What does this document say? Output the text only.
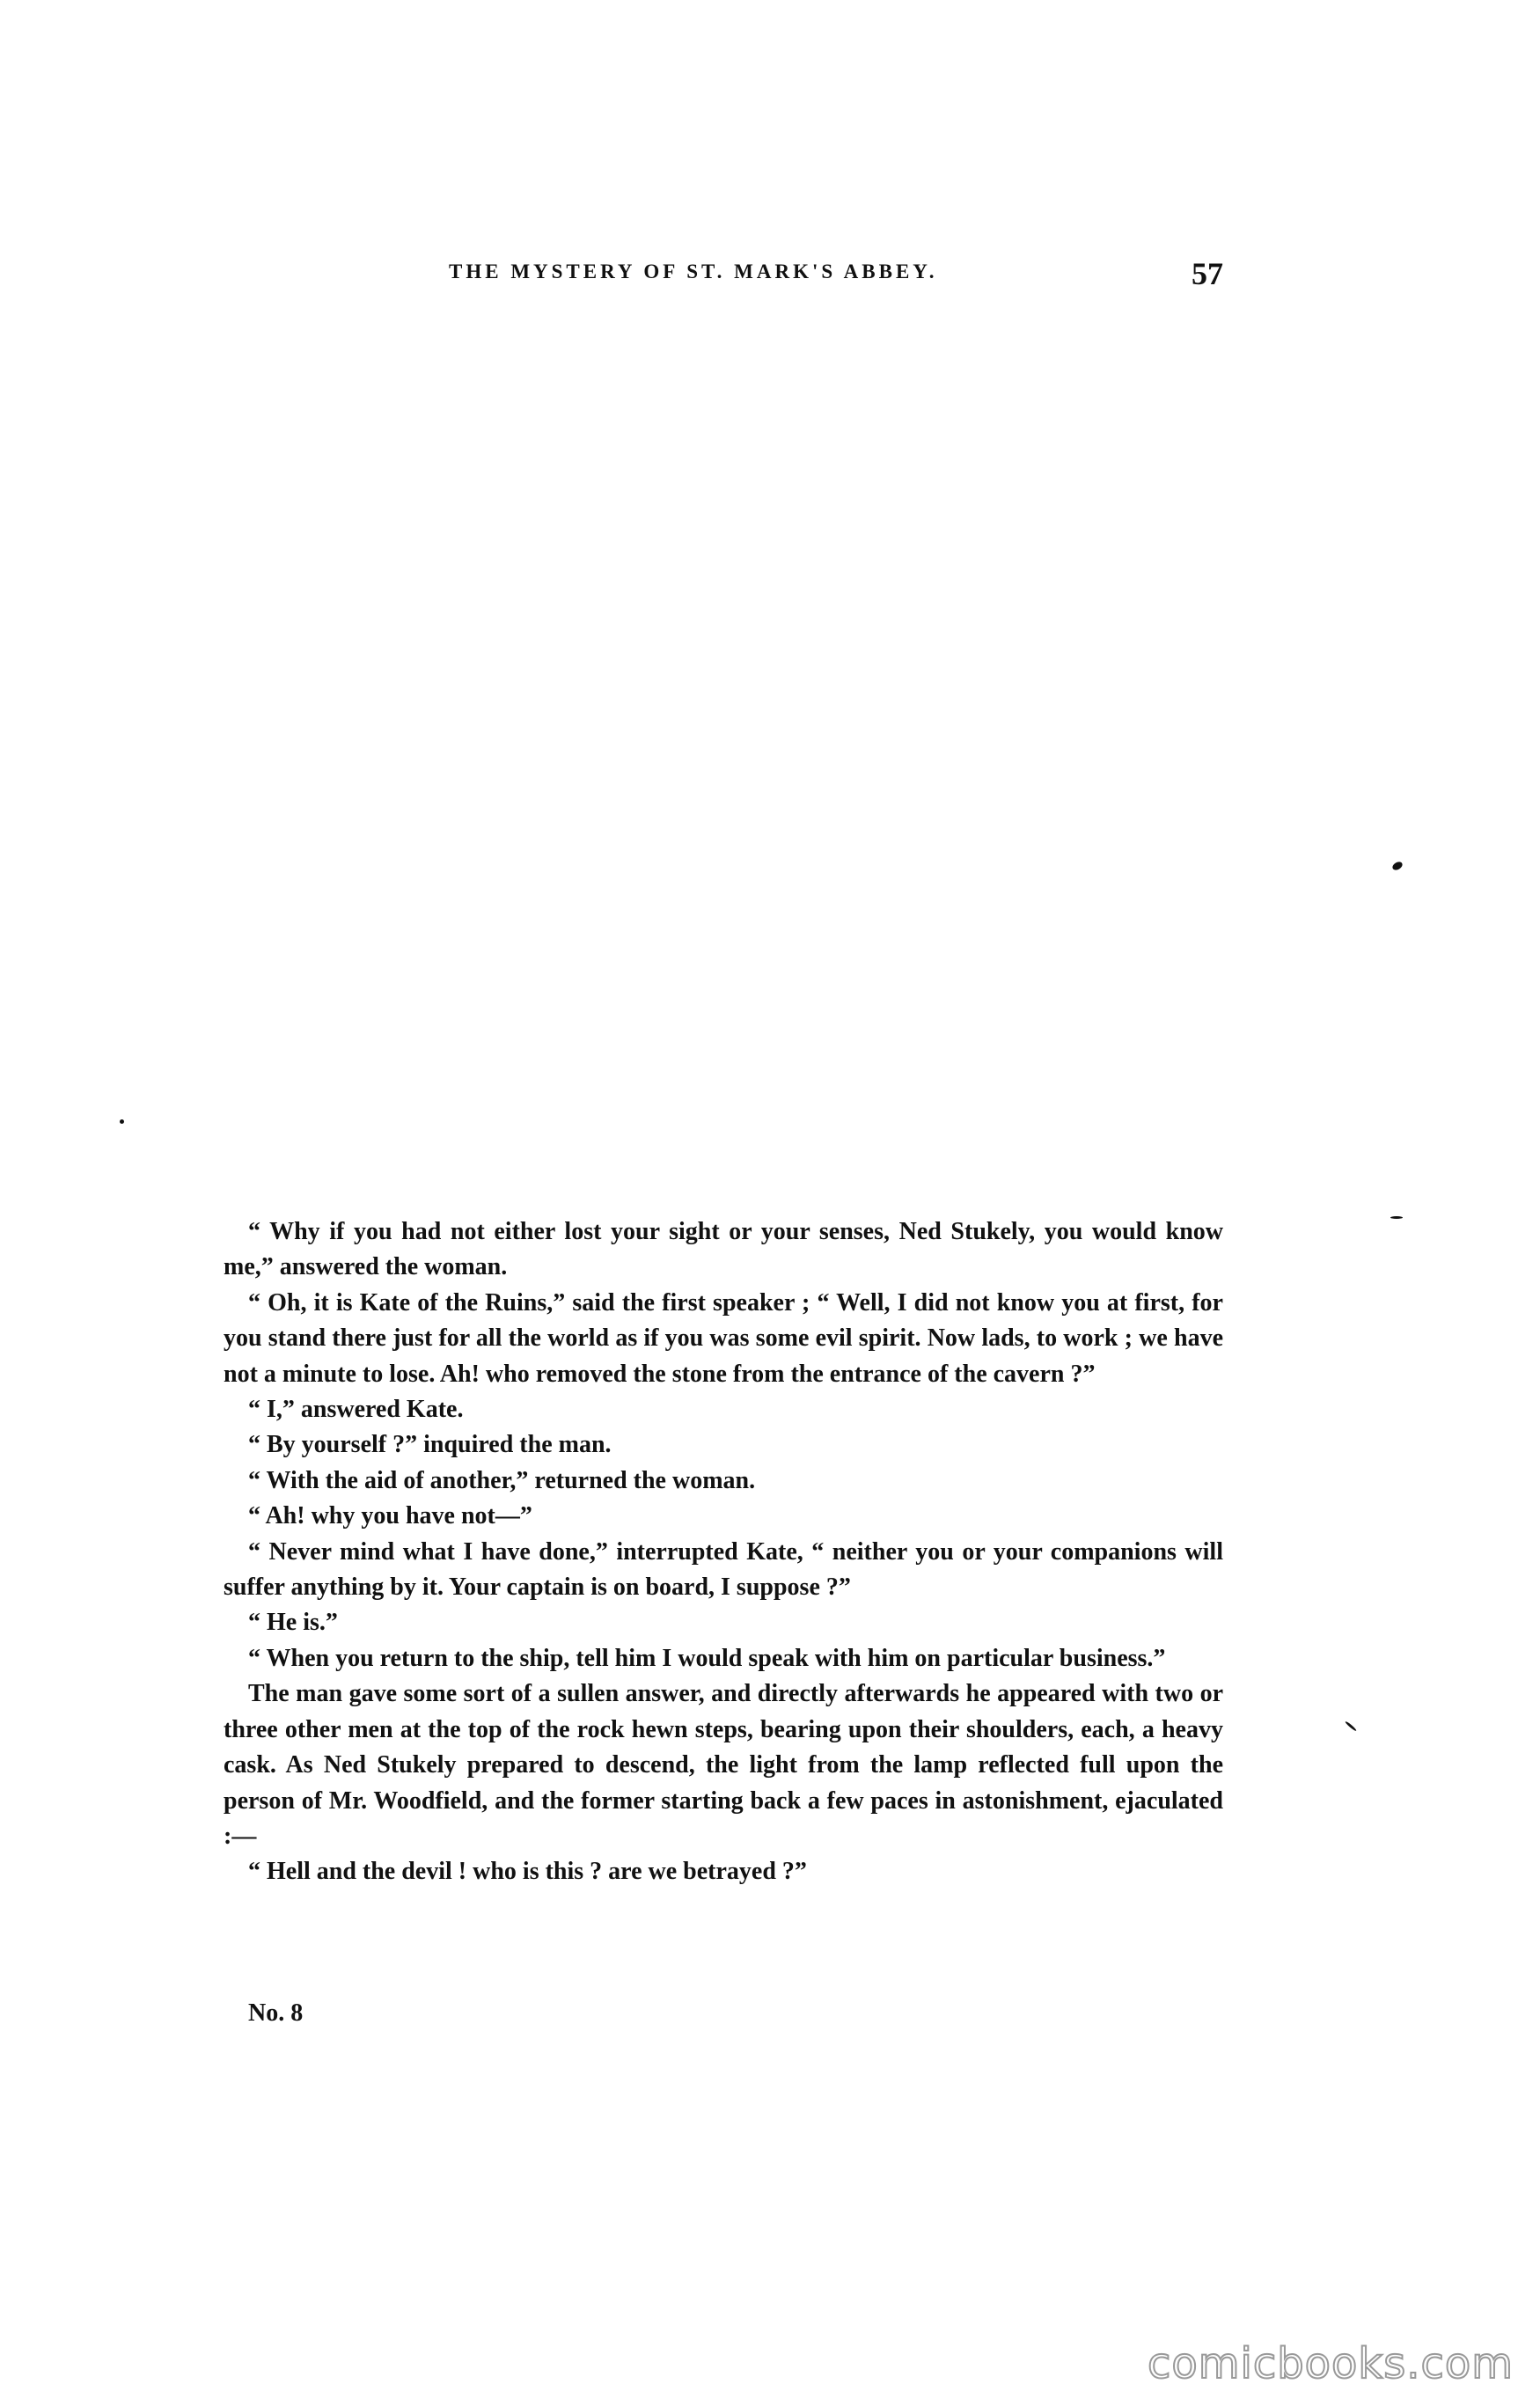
THE MYSTERY OF ST. MARK'S ABBEY.	57

“ Why if you had not either lost your sight or your senses, Ned Stukely, you would know me,” answered the woman.

“ Oh, it is Kate of the Ruins,” said the first speaker ; “ Well, I did not know you at first, for you stand there just for all the world as if you was some evil spirit. Now lads, to work ; we have not a minute to lose. Ah! who removed the stone from the entrance of the cavern ?”

“ I,” answered Kate.

“ By yourself ?” inquired the man.

“ With the aid of another,” returned the woman.

“ Ah! why you have not—”

“ Never mind what I have done,” interrupted Kate, “ neither you or your companions will suffer anything by it. Your captain is on board, I suppose ?”

“ He is.”

“ When you return to the ship, tell him I would speak with him on particular business.”

The man gave some sort of a sullen answer, and directly afterwards he appeared with two or three other men at the top of the rock hewn steps, bearing upon their shoulders, each, a heavy cask. As Ned Stukely prepared to descend, the light from the lamp reflected full upon the person of Mr. Woodfield, and the former starting back a few paces in astonishment, ejaculated :—

“ Hell and the devil ! who is this ? are we betrayed ?”

No. 8
comicbooks.com
